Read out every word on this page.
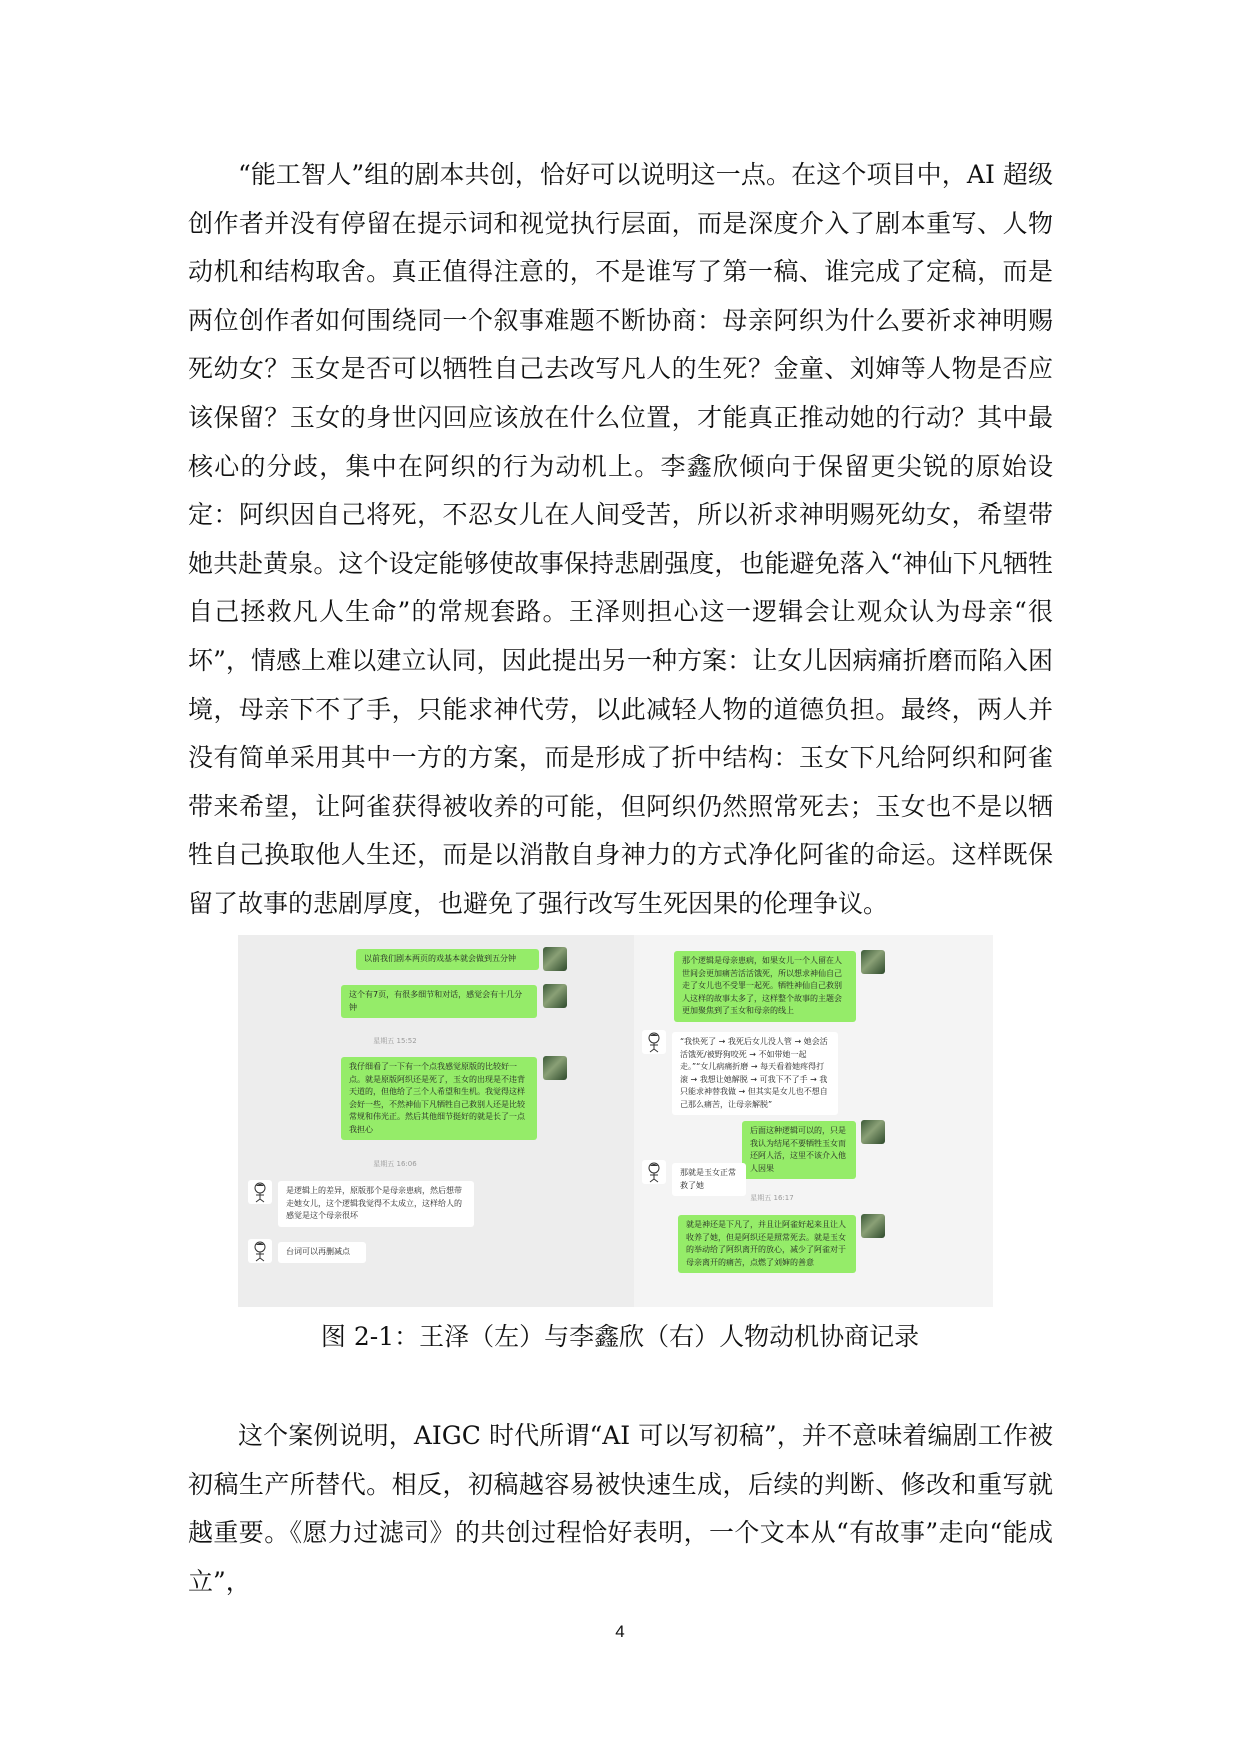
“能工智人”组的剧本共创，恰好可以说明这一点。在这个项目中，AI 超级创作者并没有停留在提示词和视觉执行层面，而是深度介入了剧本重写、人物动机和结构取舍。真正值得注意的，不是谁写了第一稿、谁完成了定稿，而是两位创作者如何围绕同一个叙事难题不断协商：母亲阿织为什么要祈求神明赐死幼女？玉女是否可以牺牲自己去改写凡人的生死？金童、刘婶等人物是否应该保留？玉女的身世闪回应该放在什么位置，才能真正推动她的行动？其中最核心的分歧，集中在阿织的行为动机上。李鑫欣倾向于保留更尖锐的原始设定：阿织因自己将死，不忍女儿在人间受苦，所以祈求神明赐死幼女，希望带她共赴黄泉。这个设定能够使故事保持悲剧强度，也能避免落入“神仙下凡牺牲自己拯救凡人生命”的常规套路。王泽则担心这一逻辑会让观众认为母亲“很坏”，情感上难以建立认同，因此提出另一种方案：让女儿因病痛折磨而陷入困境，母亲下不了手，只能求神代劳，以此减轻人物的道德负担。最终，两人并没有简单采用其中一方的方案，而是形成了折中结构：玉女下凡给阿织和阿雀带来希望，让阿雀获得被收养的可能，但阿织仍然照常死去；玉女也不是以牺牲自己换取他人生还，而是以消散自身神力的方式净化阿雀的命运。这样既保留了故事的悲剧厚度，也避免了强行改写生死因果的伦理争议。

以前我们剧本两页的戏基本就会做到五分钟
这个有7页，有很多细节和对话，感觉会有十几分钟
星期五 15:52
我仔细看了一下有一个点我感觉原版的比较好一点。就是原版阿织还是死了，玉女的出现是不违背天道的，但他给了三个人希望和生机。我觉得这样会好一些，不然神仙下凡牺牲自己救别人还是比较常规和伟光正。然后其他细节挺好的就是长了一点我担心
星期五 16:06
是逻辑上的差异，原版那个是母亲患病，然后想带走她女儿，这个逻辑我觉得不太成立，这样给人的感觉是这个母亲很坏
台词可以再删减点
那个逻辑是母亲患病，如果女儿一个人留在人世间会更加痛苦活活饿死，所以想求神仙自己走了女儿也不受罪一起死。牺牲神仙自己救别人这样的故事太多了，这样整个故事的主题会更加聚焦到了玉女和母亲的线上
“我快死了 → 我死后女儿没人管 → 她会活活饿死/被野狗咬死 → 不如带她一起走。”“女儿病痛折磨 → 每天看着她疼得打滚 → 我想让她解脱 → 可我下不了手 → 我只能求神替我做 → 但其实是女儿也不想自己那么痛苦，让母亲解脱”
后面这种逻辑可以的，只是我认为结尾不要牺牲玉女而还阿人活，这里不该介入他人因果
那就是玉女正常救了她
星期五 16:17
就是神还是下凡了，并且让阿雀好起来且让人收养了她，但是阿织还是照常死去。就是玉女的举动给了阿织离开的放心，减少了阿雀对于母亲离开的痛苦，点燃了刘婶的善意
图 2-1：王泽（左）与李鑫欣（右）人物动机协商记录

这个案例说明，AIGC 时代所谓“AI 可以写初稿”，并不意味着编剧工作被初稿生产所替代。相反，初稿越容易被快速生成，后续的判断、修改和重写就越重要。《愿力过滤司》的共创过程恰好表明，一个文本从“有故事”走向“能成立”，

4
